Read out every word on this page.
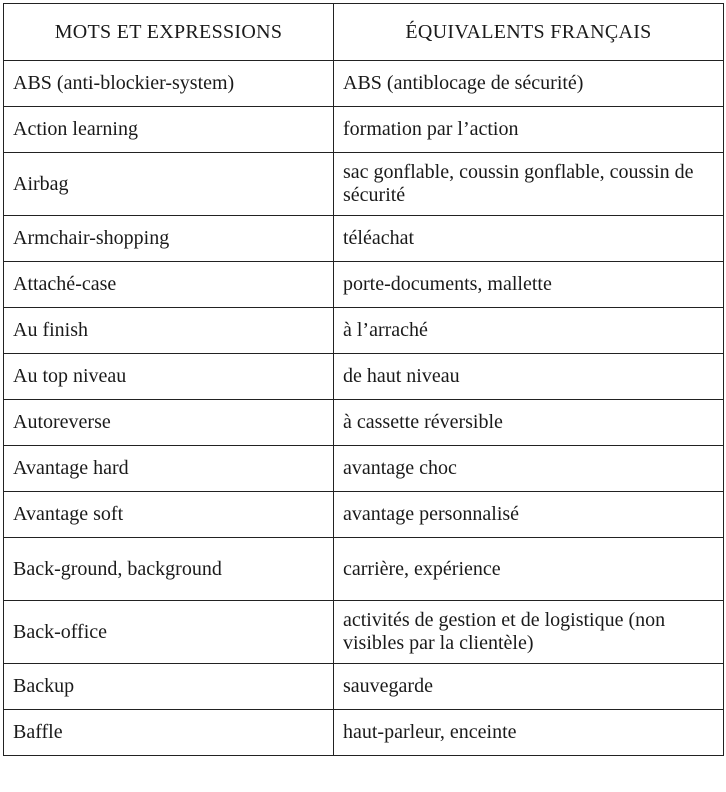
MOTS ET EXPRESSIONS	ÉQUIVALENTS FRANÇAIS
ABS (anti-blockier-system)	ABS (antiblocage de sécurité)
Action learning	formation par l’action
Airbag	sac gonflable, coussin gonflable, coussin de sécurité
Armchair-shopping	téléachat
Attaché-case	porte-documents, mallette
Au finish	à l’arraché
Au top niveau	de haut niveau
Autoreverse	à cassette réversible
Avantage hard	avantage choc
Avantage soft	avantage personnalisé
Back-ground, background	carrière, expérience
Back-office	activités de gestion et de logistique (non visibles par la clientèle)
Backup	sauvegarde
Baffle	haut-parleur, enceinte
